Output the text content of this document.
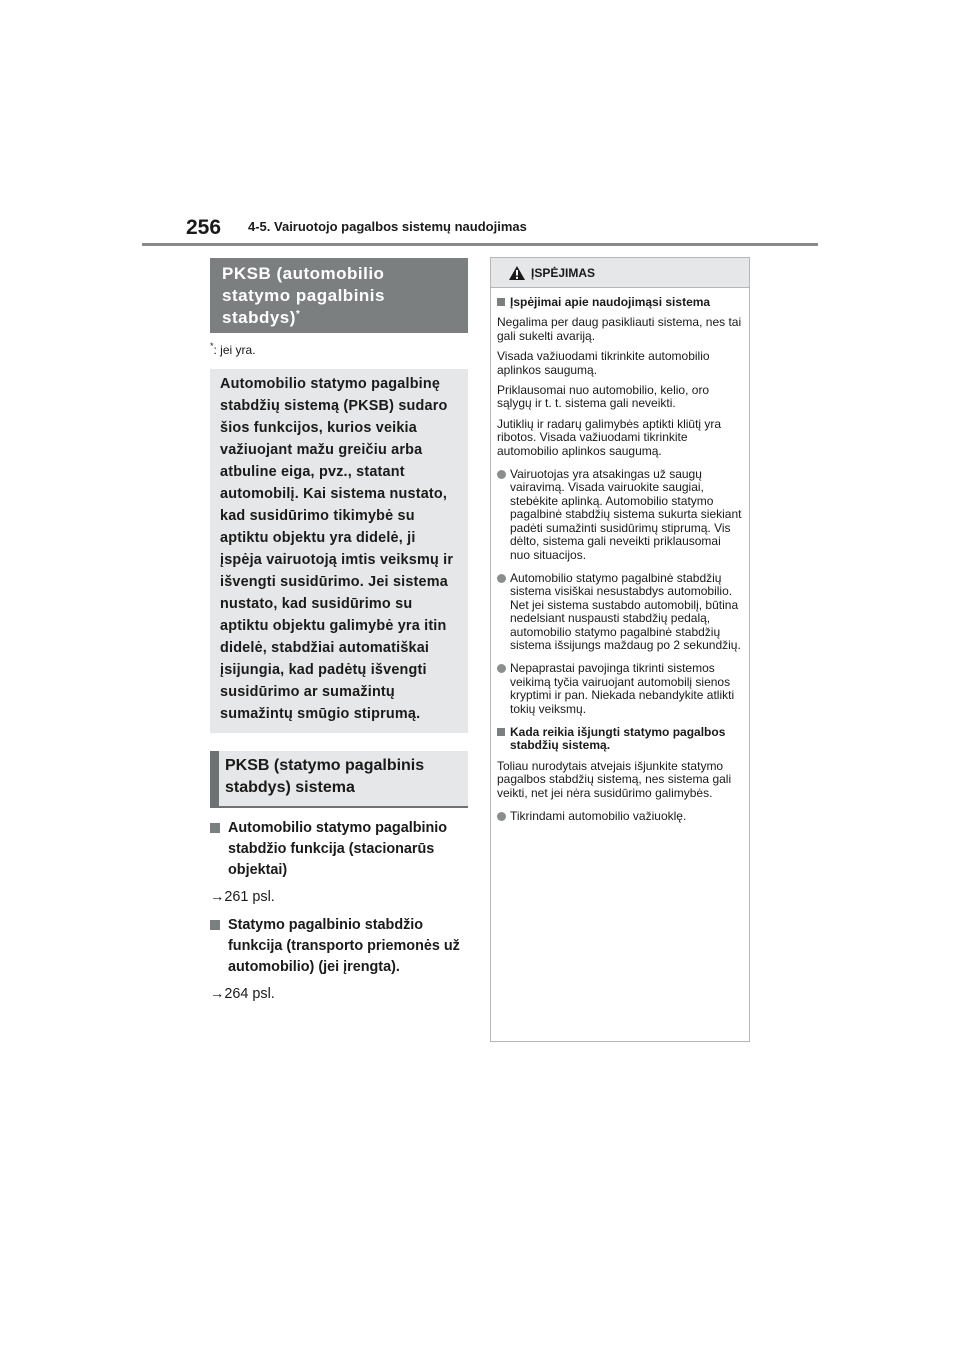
256 4-5. Vairuotojo pagalbos sistemų naudojimas
PKSB (automobilio statymo pagalbinis stabdys)*
*: jei yra.
Automobilio statymo pagalbinę stabdžių sistemą (PKSB) sudaro šios funkcijos, kurios veikia važiuojant mažu greičiu arba atbuline eiga, pvz., statant automobilį. Kai sistema nustato, kad susidūrimo tikimybė su aptiktu objektu yra didelė, ji įspėja vairuotoją imtis veiksmų ir išvengti susidūrimo. Jei sistema nustato, kad susidūrimo su aptiktu objektu galimybė yra itin didelė, stabdžiai automatiškai įsijungia, kad padėtų išvengti susidūrimo ar sumažintų sumažintų smūgio stiprumą.
PKSB (statymo pagalbinis stabdys) sistema
Automobilio statymo pagalbinio stabdžio funkcija (stacionarūs objektai)
→261 psl.
Statymo pagalbinio stabdžio funkcija (transporto priemonės už automobilio) (jei įrengta).
→264 psl.
ĮSPĖJIMAS
Įspėjimai apie naudojimąsi sistema
Negalima per daug pasikliauti sistema, nes tai gali sukelti avariją.
Visada važiuodami tikrinkite automobilio aplinkos saugumą.
Priklausomai nuo automobilio, kelio, oro sąlygų ir t. t. sistema gali neveikti.
Jutiklių ir radarų galimybės aptikti kliūtį yra ribotos. Visada važiuodami tikrinkite automobilio aplinkos saugumą.
Vairuotojas yra atsakingas už saugų vairavimą. Visada vairuokite saugiai, stebėkite aplinką. Automobilio statymo pagalbinė stabdžių sistema sukurta siekiant padėti sumažinti susidūrimų stiprumą. Vis dėlto, sistema gali neveikti priklausomai nuo situacijos.
Automobilio statymo pagalbinė stabdžių sistema visiškai nesustabdys automobilio. Net jei sistema sustabdo automobilį, būtina nedelsiant nuspausti stabdžių pedalą, automobilio statymo pagalbinė stabdžių sistema išsijungs maždaug po 2 sekundžių.
Nepaprastai pavojinga tikrinti sistemos veikimą tyčia vairuojant automobilį sienos kryptimi ir pan. Niekada nebandykite atlikti tokių veiksmų.
Kada reikia išjungti statymo pagalbos stabdžių sistemą.
Toliau nurodytais atvejais išjunkite statymo pagalbos stabdžių sistemą, nes sistema gali veikti, net jei nėra susidūrimo galimybės.
Tikrindami automobilio važiuoklę.
